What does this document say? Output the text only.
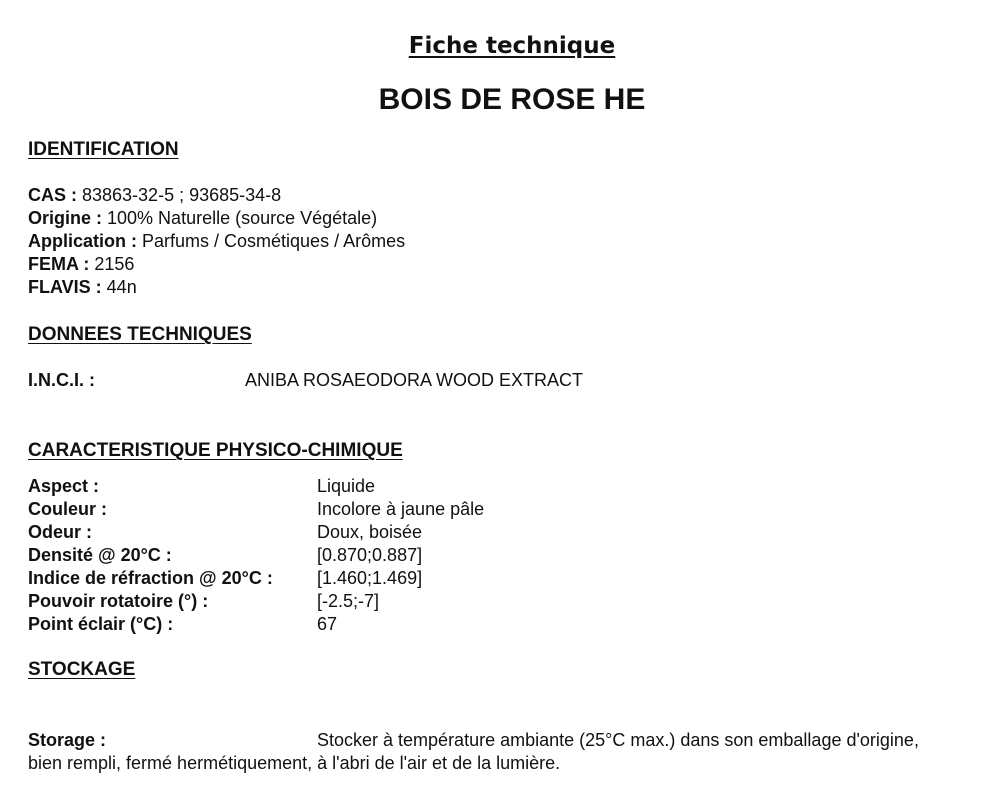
Fiche technique
BOIS DE ROSE HE
IDENTIFICATION
CAS : 83863-32-5 ; 93685-34-8
Origine : 100% Naturelle (source Végétale)
Application : Parfums / Cosmétiques / Arômes
FEMA : 2156
FLAVIS : 44n
DONNEES TECHNIQUES
I.N.C.I. :	ANIBA ROSAEODORA WOOD EXTRACT
CARACTERISTIQUE PHYSICO-CHIMIQUE
Aspect :	Liquide
Couleur :	Incolore à jaune pâle
Odeur :	Doux, boisée
Densité @ 20°C :	[0.870;0.887]
Indice de réfraction @ 20°C : [1.460;1.469]
Pouvoir rotatoire (°) :	[-2.5;-7]
Point éclair (°C) :	67
STOCKAGE
Storage :	Stocker à température ambiante (25°C max.) dans son emballage d'origine,
bien rempli, fermé hermétiquement, à l'abri de l'air et de la lumière.
